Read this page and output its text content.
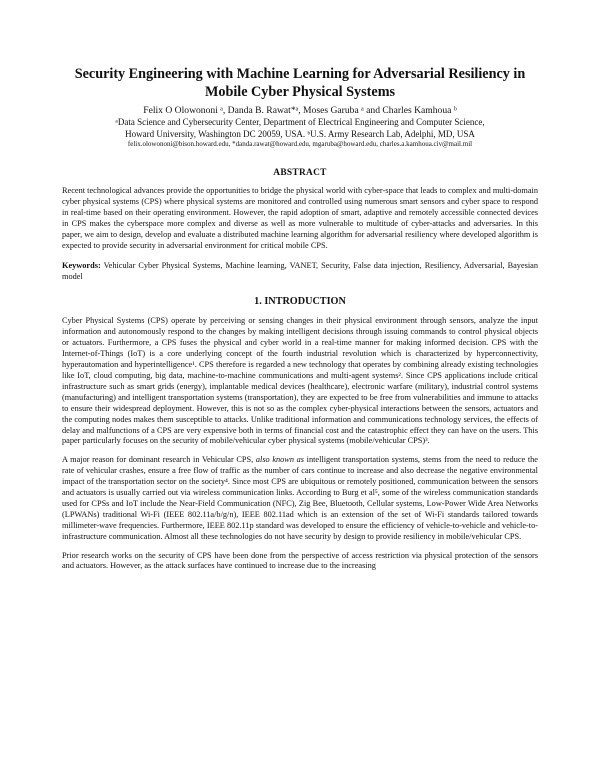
Security Engineering with Machine Learning for Adversarial Resiliency in Mobile Cyber Physical Systems
Felix O Olowononi ᵃ, Danda B. Rawat*ᵃ, Moses Garuba ᵃ and Charles Kamhoua ᵇ
ᵃData Science and Cybersecurity Center, Department of Electrical Engineering and Computer Science,
Howard University, Washington DC 20059, USA. ᵇU.S. Army Research Lab, Adelphi, MD, USA
felix.olowononi@bison.howard.edu, *danda.rawat@howard.edu, mgaruba@howard.edu, charles.a.kamhoua.civ@mail.mil
ABSTRACT

Recent technological advances provide the opportunities to bridge the physical world with cyber-space that leads to complex and multi-domain cyber physical systems (CPS) where physical systems are monitored and controlled using numerous smart sensors and cyber space to respond in real-time based on their operating environment. However, the rapid adoption of smart, adaptive and remotely accessible connected devices in CPS makes the cyberspace more complex and diverse as well as more vulnerable to multitude of cyber-attacks and adversaries. In this paper, we aim to design, develop and evaluate a distributed machine learning algorithm for adversarial resiliency where developed algorithm is expected to provide security in adversarial environment for critical mobile CPS.

Keywords: Vehicular Cyber Physical Systems, Machine learning, VANET, Security, False data injection, Resiliency, Adversarial, Bayesian model

1. INTRODUCTION

Cyber Physical Systems (CPS) operate by perceiving or sensing changes in their physical environment through sensors, analyze the input information and autonomously respond to the changes by making intelligent decisions through issuing commands to control physical objects or actuators. Furthermore, a CPS fuses the physical and cyber world in a real-time manner for making informed decision. CPS with the Internet-of-Things (IoT) is a core underlying concept of the fourth industrial revolution which is characterized by hyperconnectivity, hyperautomation and hyperintelligence¹. CPS therefore is regarded a new technology that operates by combining already existing technologies like IoT, cloud computing, big data, machine-to-machine communications and multi-agent systems². Since CPS applications include critical infrastructure such as smart grids (energy), implantable medical devices (healthcare), electronic warfare (military), industrial control systems (manufacturing) and intelligent transportation systems (transportation), they are expected to be free from vulnerabilities and immune to attacks to ensure their widespread deployment. However, this is not so as the complex cyber-physical interactions between the sensors, actuators and the computing nodes makes them susceptible to attacks. Unlike traditional information and communications technology services, the effects of delay and malfunctions of a CPS are very expensive both in terms of financial cost and the catastrophic effect they can have on the users. This paper particularly focuses on the security of mobile/vehicular cyber physical systems (mobile/vehicular CPS)³.

A major reason for dominant research in Vehicular CPS, also known as intelligent transportation systems, stems from the need to reduce the rate of vehicular crashes, ensure a free flow of traffic as the number of cars continue to increase and also decrease the negative environmental impact of the transportation sector on the society⁴. Since most CPS are ubiquitous or remotely positioned, communication between the sensors and actuators is usually carried out via wireless communication links. According to Burg et al⁵, some of the wireless communication standards used for CPSs and IoT include the Near-Field Communication (NFC), Zig Bee, Bluetooth, Cellular systems, Low-Power Wide Area Networks (LPWANs) traditional Wi-Fi (IEEE 802.11a/b/g/n), IEEE 802.11ad which is an extension of the set of Wi-Fi standards tailored towards millimeter-wave frequencies. Furthermore, IEEE 802.11p standard was developed to ensure the efficiency of vehicle-to-vehicle and vehicle-to-infrastructure communication. Almost all these technologies do not have security by design to provide resiliency in mobile/vehicular CPS.

Prior research works on the security of CPS have been done from the perspective of access restriction via physical protection of the sensors and actuators. However, as the attack surfaces have continued to increase due to the increasing
